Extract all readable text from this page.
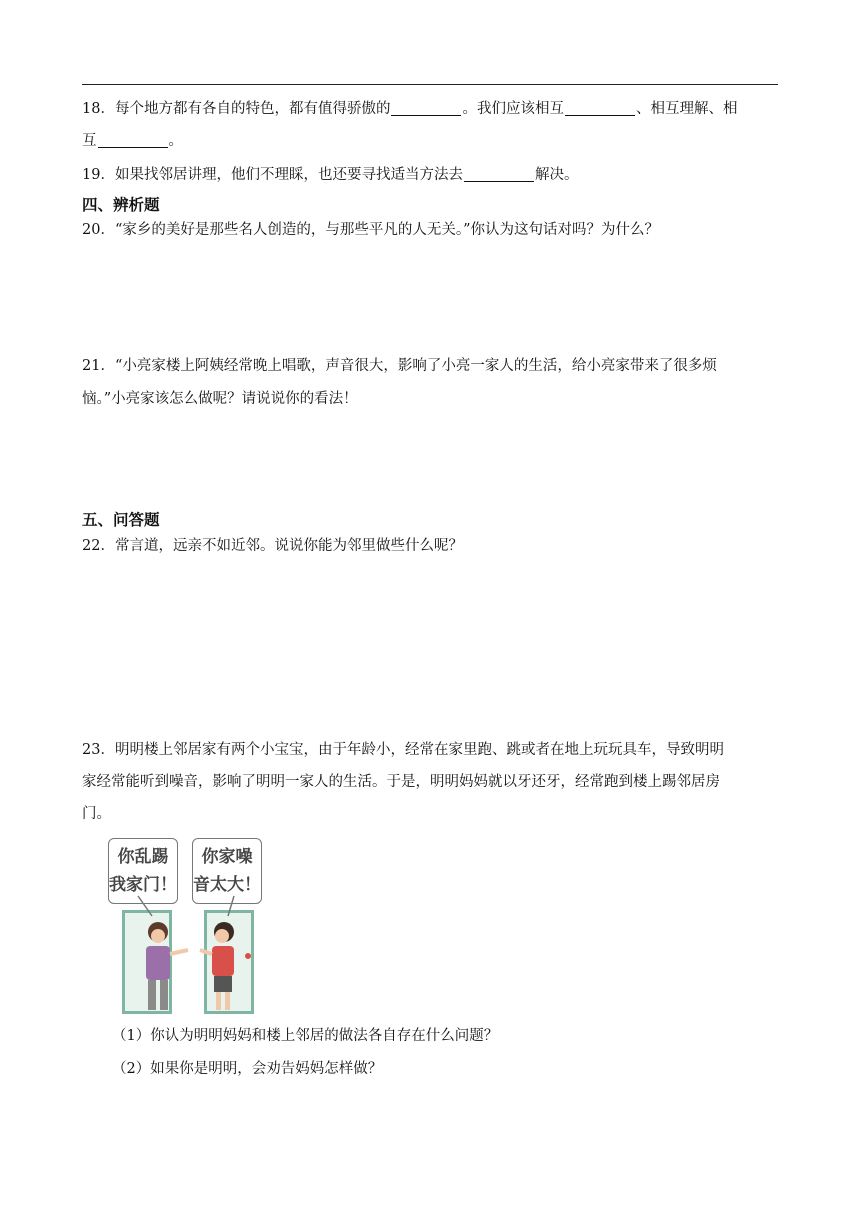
18．每个地方都有各自的特色，都有值得骄傲的	。我们应该相互	、相互理解、相
互	。
19．如果找邻居讲理，他们不理睬，也还要寻找适当方法去	解决。
四、辨析题
20．“家乡的美好是那些名人创造的，与那些平凡的人无关。”你认为这句话对吗？为什么？
21．“小亮家楼上阿姨经常晚上唱歌，声音很大，影响了小亮一家人的生活，给小亮家带来了很多烦
恼。”小亮家该怎么做呢？请说说你的看法！
五、问答题
22．常言道，远亲不如近邻。说说你能为邻里做些什么呢？
23．明明楼上邻居家有两个小宝宝，由于年龄小，经常在家里跑、跳或者在地上玩玩具车，导致明明
家经常能听到噪音，影响了明明一家人的生活。于是，明明妈妈就以牙还牙，经常跑到楼上踢邻居房
门。
你乱踢
我家门！
你家噪
音太大！
（1）你认为明明妈妈和楼上邻居的做法各自存在什么问题？
（2）如果你是明明，会劝告妈妈怎样做？
